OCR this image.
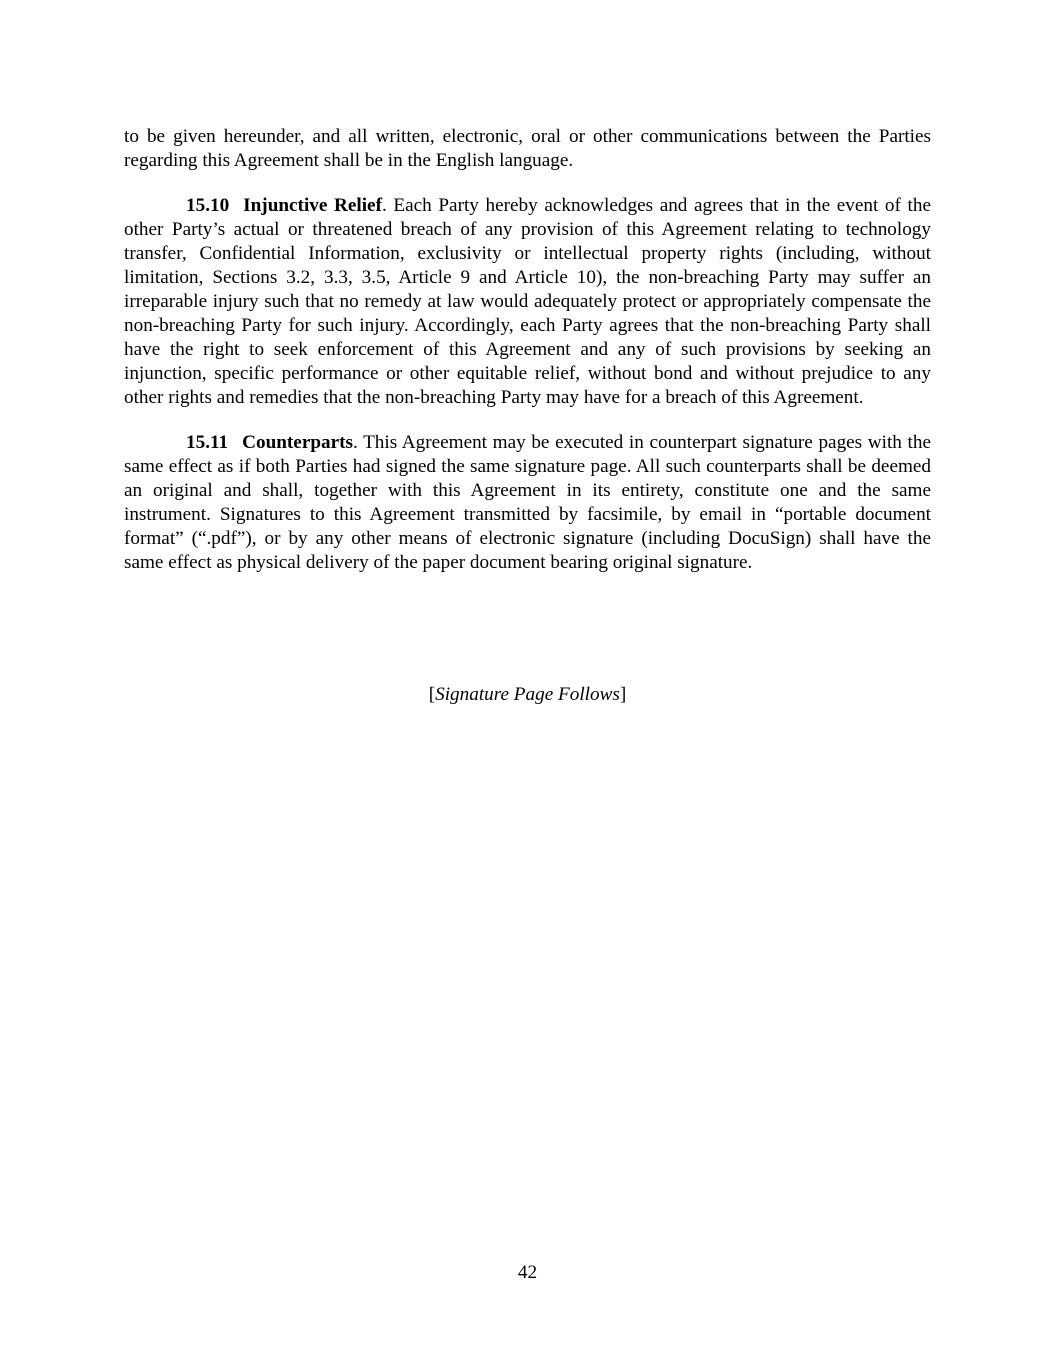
to be given hereunder, and all written, electronic, oral or other communications between the Parties regarding this Agreement shall be in the English language.

15.10 Injunctive Relief. Each Party hereby acknowledges and agrees that in the event of the other Party’s actual or threatened breach of any provision of this Agreement relating to technology transfer, Confidential Information, exclusivity or intellectual property rights (including, without limitation, Sections 3.2, 3.3, 3.5, Article 9 and Article 10), the non-breaching Party may suffer an irreparable injury such that no remedy at law would adequately protect or appropriately compensate the non-breaching Party for such injury. Accordingly, each Party agrees that the non-breaching Party shall have the right to seek enforcement of this Agreement and any of such provisions by seeking an injunction, specific performance or other equitable relief, without bond and without prejudice to any other rights and remedies that the non-breaching Party may have for a breach of this Agreement.

15.11 Counterparts. This Agreement may be executed in counterpart signature pages with the same effect as if both Parties had signed the same signature page. All such counterparts shall be deemed an original and shall, together with this Agreement in its entirety, constitute one and the same instrument. Signatures to this Agreement transmitted by facsimile, by email in “portable document format” (“.pdf”), or by any other means of electronic signature (including DocuSign) shall have the same effect as physical delivery of the paper document bearing original signature.

[Signature Page Follows]
42
